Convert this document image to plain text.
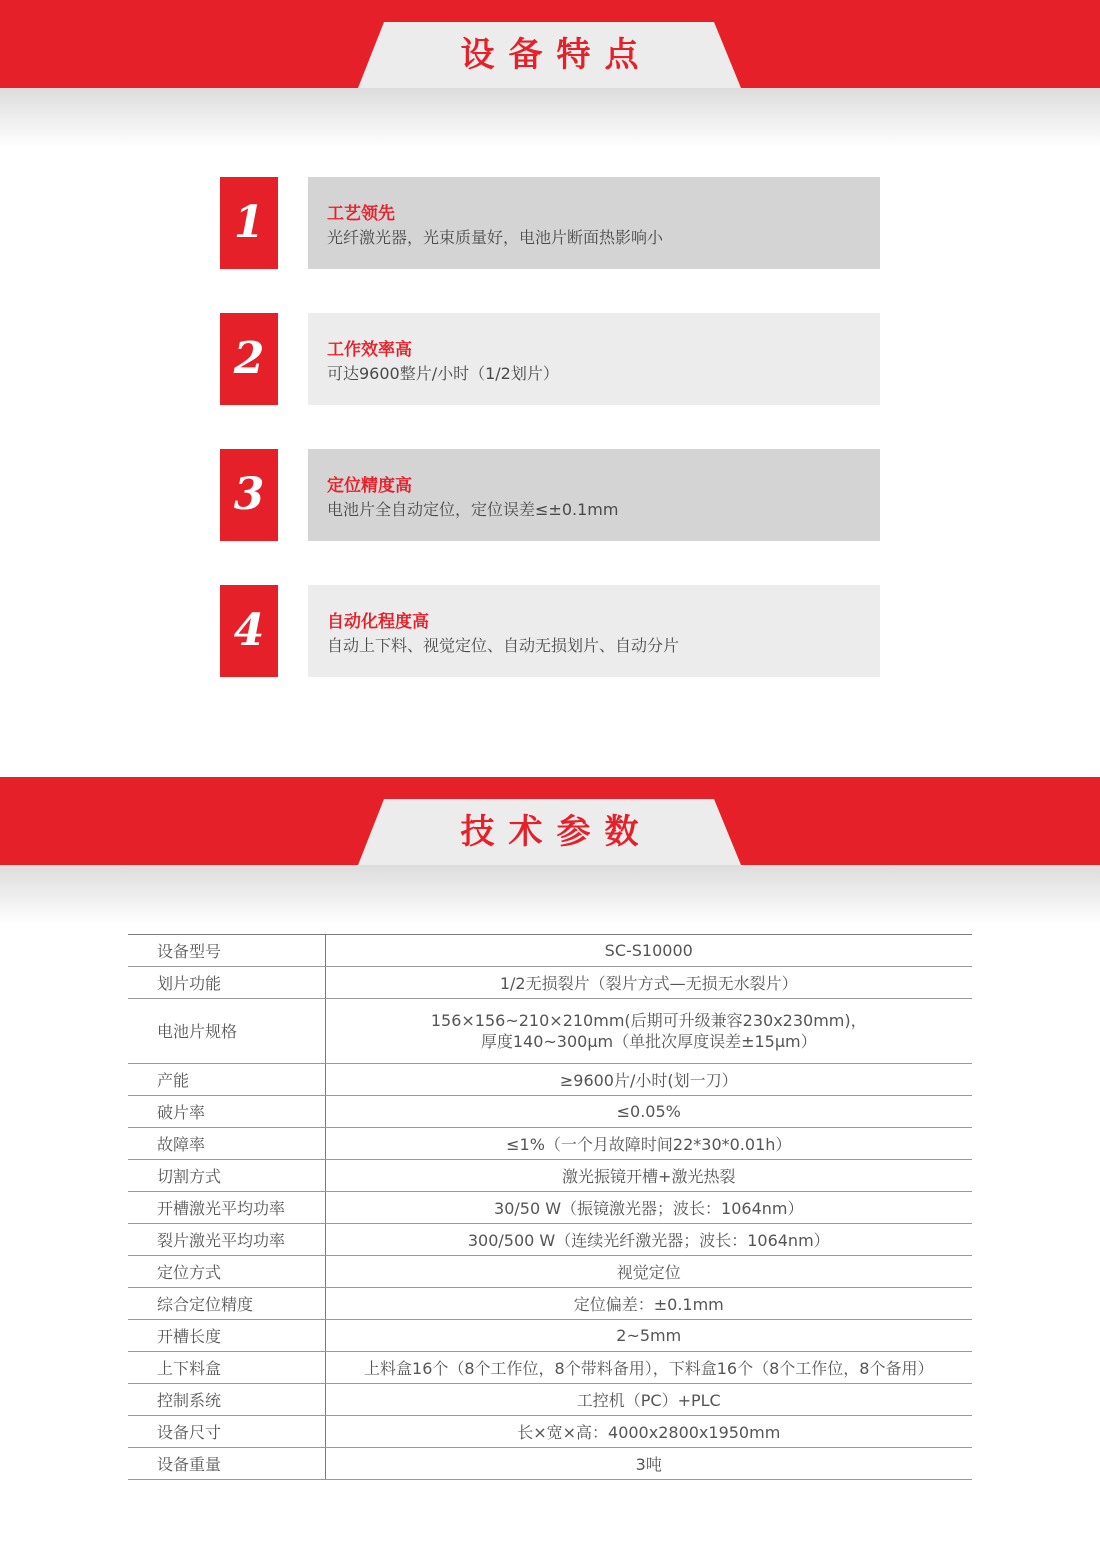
设备特点
1	工艺领先
光纤激光器，光束质量好，电池片断面热影响小
2	工作效率高
可达9600整片/小时（1/2划片）
3	定位精度高
电池片全自动定位，定位误差≤±0.1mm
4	自动化程度高
自动上下料、视觉定位、自动无损划片、自动分片
技术参数
设备型号	SC-S10000
划片功能	1/2无损裂片（裂片方式—无损无水裂片）
电池片规格	156×156~210×210mm(后期可升级兼容230x230mm)，
厚度140~300μm（单批次厚度误差±15μm）

产能	≥9600片/小时(划一刀）
破片率	≤0.05%
故障率	≤1%（一个月故障时间22*30*0.01h）
切割方式	激光振镜开槽+激光热裂
开槽激光平均功率	30/50 W（振镜激光器；波长：1064nm）
裂片激光平均功率	300/500 W（连续光纤激光器；波长：1064nm）
定位方式	视觉定位
综合定位精度	定位偏差：±0.1mm
开槽长度	2~5mm
上下料盒	上料盒16个（8个工作位，8个带料备用），下料盒16个（8个工作位，8个备用）
控制系统	工控机（PC）+PLC
设备尺寸	长×宽×高：4000x2800x1950mm
设备重量	3吨
